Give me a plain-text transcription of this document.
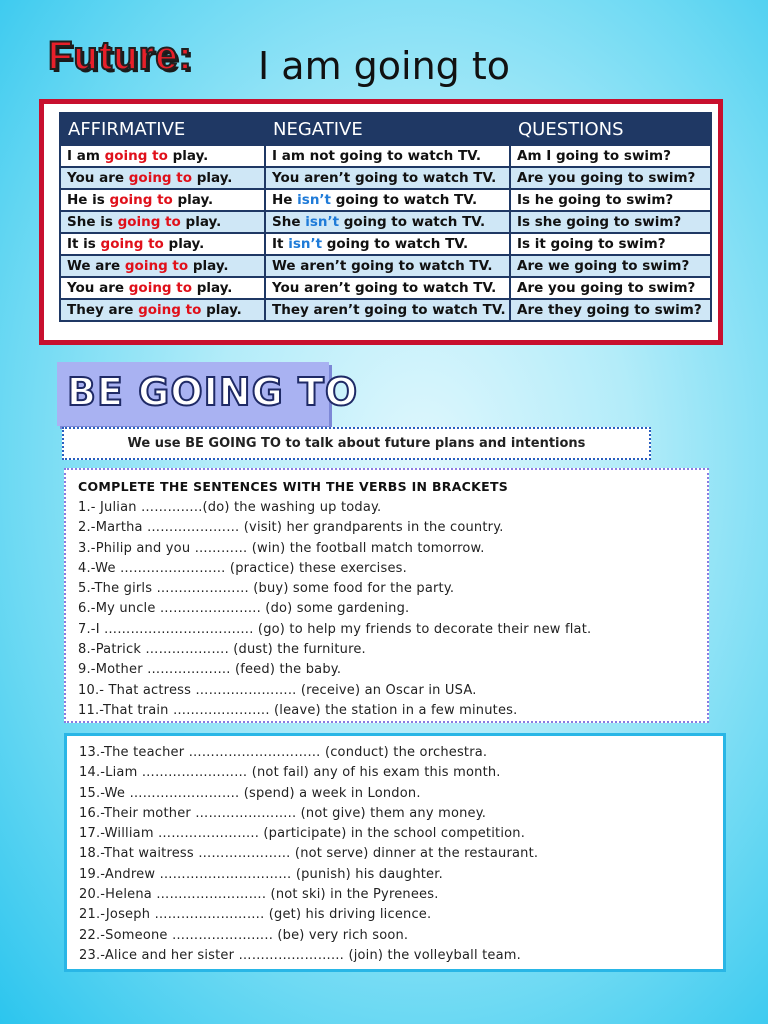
Future: I am going to
AFFIRMATIVE	NEGATIVE	QUESTIONS
I am going to play.	I am not going to watch TV.	Am I going to swim?
You are going to play.	You aren’t going to watch TV.	Are you going to swim?
He is going to play.	He isn’t going to watch TV.	Is he going to swim?
She is going to play.	She isn’t going to watch TV.	Is she going to swim?
It is going to play.	It isn’t going to watch TV.	Is it going to swim?
We are going to play.	We aren’t going to watch TV.	Are we going to swim?
You are going to play.	You aren’t going to watch TV.	Are you going to swim?
They are going to play.	They aren’t going to watch TV.	Are they going to swim?
BE GOING TO
We use BE GOING TO to talk about future plans and intentions
COMPLETE THE SENTENCES WITH THE VERBS IN BRACKETS
1.- Julian …………..(do) the washing up today.
2.-Martha ………………… (visit) her grandparents in the country.
3.-Philip and you ………… (win) the football match tomorrow.
4.-We …………………… (practice) these exercises.
5.-The girls ………………… (buy) some food for the party.
6.-My uncle ………………….. (do) some gardening.
7.-I ……………………………. (go) to help my friends to decorate their new flat.
8.-Patrick ………………. (dust) the furniture.
9.-Mother ………………. (feed) the baby.
10.- That actress ………………….. (receive) an Oscar in USA.
11.-That train …………………. (leave) the station in a few minutes.
13.-The teacher ………………………… (conduct) the orchestra.
14.-Liam …………………… (not fail) any of his exam this month.
15.-We ……………………. (spend) a week in London.
16.-Their mother ………………….. (not give) them any money.
17.-William ………………….. (participate) in the school competition.
18.-That waitress ………………… (not serve) dinner at the restaurant.
19.-Andrew ………………………… (punish) his daughter.
20.-Helena ……………………. (not ski) in the Pyrenees.
21.-Joseph ……………………. (get) his driving licence.
22.-Someone ………………….. (be) very rich soon.
23.-Alice and her sister …………………… (join) the volleyball team.
